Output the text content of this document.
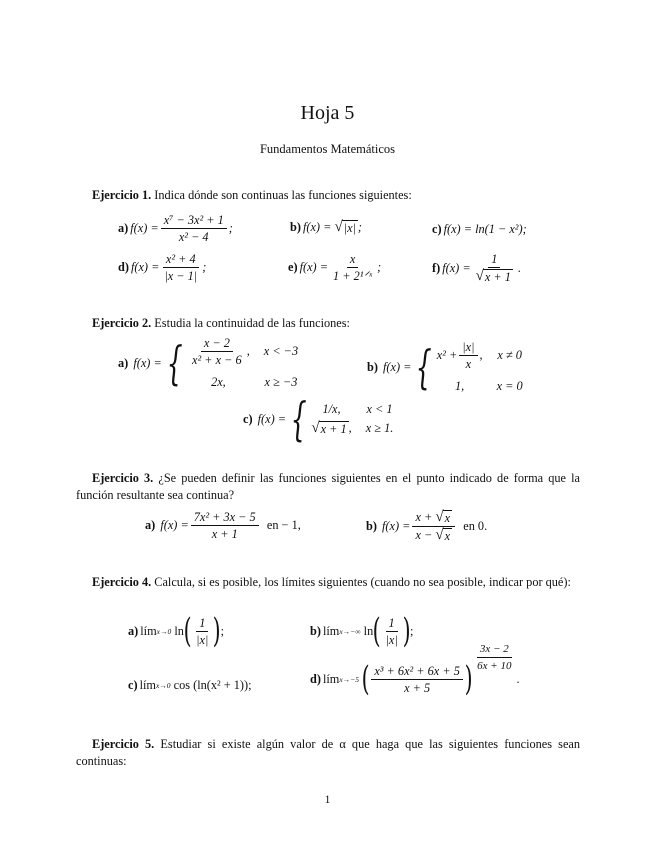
Hoja 5
Fundamentos Matemáticos
Ejercicio 1. Indica dónde son continuas las funciones siguientes:
a) $f(x) = \frac{\text{x⁷ − 3x² + 1}}{\text{x² − 4}}$ ;	b) f(x) =
√ |x| ;	c) f(x) = ln(1 − x²);
d) $f(x) = \frac{\text{x² + 4}}{|x - 1|}$ ;	e) $f(x) = \frac{x}{\text{1 + 2¹ᐟˣ}}$ ;	f) $f(x) = \frac{1}{√ x + 1}$ .
Ejercicio 2. Estudia la continuidad de las funciones:
a)
f(x) = { $\frac{x - 2}{\text{x² + x − 6}}$ , x < −3
2x,	x ≥ −3
b)
f(x) = { $x^2 + \frac{|x|}{x}$ , x ≠ 0
1,	x = 0
c)
f(x) = {	1/x,	x < 1
√ x + 1 , x ≥ 1.
Ejercicio 3. ¿Se pueden definir las funciones siguientes en el punto indicado de forma que la función resultante sea continua?
a)
$f(x) = \frac{\text{7x² + 3x − 5}}{x + 1}$
en − 1,	b)
$f(x) = \frac{x + √ x}{x - √ x}$
en 0.
Ejercicio 4. Calcula, si es posible, los límites siguientes (cuando no sea posible, indicar por qué):
a) lím x→0
ln ( $\frac{1}{|x|}$ ) ;	b) lím x→−∞
ln ( $\frac{1}{|x|}$ ) ;
c) lím x→0
cos (ln(x² + 1));	d) lím x→−5
( $\frac{\text{x³ + 6x² + 6x + 5}}{x + 5}$ )
$\frac{3x - 2}{6x + 10}$
.
Ejercicio 5. Estudiar si existe algún valor de α que haga que las siguientes funciones sean continuas:
1
